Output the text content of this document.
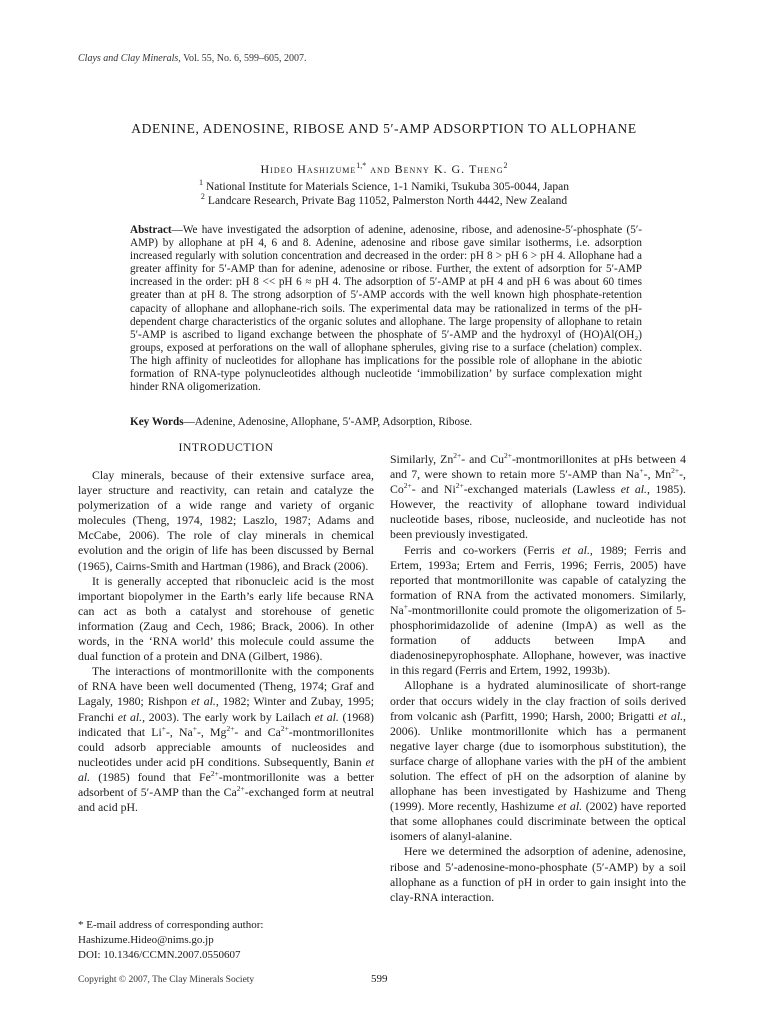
Clays and Clay Minerals, Vol. 55, No. 6, 599–605, 2007.
ADENINE, ADENOSINE, RIBOSE AND 5′-AMP ADSORPTION TO ALLOPHANE
Hideo Hashizume$^{1,*}$ and Benny K. G. Theng$^2$
$^1$ National Institute for Materials Science, 1-1 Namiki, Tsukuba 305-0044, Japan
$^2$ Landcare Research, Private Bag 11052, Palmerston North 4442, New Zealand
Abstract—We have investigated the adsorption of adenine, adenosine, ribose, and adenosine-5′-phosphate (5′-AMP) by allophane at pH 4, 6 and 8. Adenine, adenosine and ribose gave similar isotherms, i.e. adsorption increased regularly with solution concentration and decreased in the order: pH 8 > pH 6 > pH 4. Allophane had a greater affinity for 5′-AMP than for adenine, adenosine or ribose. Further, the extent of adsorption for 5′-AMP increased in the order: pH 8 << pH 6 ≈ pH 4. The adsorption of 5′-AMP at pH 4 and pH 6 was about 60 times greater than at pH 8. The strong adsorption of 5′-AMP accords with the well known high phosphate-retention capacity of allophane and allophane-rich soils. The experimental data may be rationalized in terms of the pH-dependent charge characteristics of the organic solutes and allophane. The large propensity of allophane to retain 5′-AMP is ascribed to ligand exchange between the phosphate of 5′-AMP and the hydroxyl of (HO)Al(OH₂) groups, exposed at perforations on the wall of allophane spherules, giving rise to a surface (chelation) complex. The high affinity of nucleotides for allophane has implications for the possible role of allophane in the abiotic formation of RNA-type polynucleotides although nucleotide ‘immobilization’ by surface complexation might hinder RNA oligomerization.
Key Words—Adenine, Adenosine, Allophane, 5′-AMP, Adsorption, Ribose.
INTRODUCTION

Clay minerals, because of their extensive surface area, layer structure and reactivity, can retain and catalyze the polymerization of a wide range and variety of organic molecules (Theng, 1974, 1982; Laszlo, 1987; Adams and McCabe, 2006). The role of clay minerals in chemical evolution and the origin of life has been discussed by Bernal (1965), Cairns-Smith and Hartman (1986), and Brack (2006).

It is generally accepted that ribonucleic acid is the most important biopolymer in the Earth’s early life because RNA can act as both a catalyst and storehouse of genetic information (Zaug and Cech, 1986; Brack, 2006). In other words, in the ‘RNA world’ this molecule could assume the dual function of a protein and DNA (Gilbert, 1986).

The interactions of montmorillonite with the components of RNA have been well documented (Theng, 1974; Graf and Lagaly, 1980; Rishpon et al., 1982; Winter and Zubay, 1995; Franchi et al., 2003). The early work by Lailach et al. (1968) indicated that Li+-, Na+-, $Mg^{2+}-$ and $Ca^{2+}$-montmorillonites could adsorb appreciable amounts of nucleosides and nucleotides under acid pH conditions. Subsequently, Banin et al. (1985) found that $Fe^{2+}$-montmorillonite was a better adsorbent of 5′-AMP than the $Ca^{2+}$-exchanged form at neutral and acid pH.

Similarly, $Zn^{2+}-$ and $Cu^{2+}$-montmorillonites at pHs between 4 and 7, were shown to retain more 5′-AMP than Na+-, $Mn^{2+}-$, $Co^{2+}-$ and $Ni^{2+}$-exchanged materials (Lawless et al., 1985). However, the reactivity of allophane toward individual nucleotide bases, ribose, nucleoside, and nucleotide has not been previously investigated.

Ferris and co-workers (Ferris et al., 1989; Ferris and Ertem, 1993a; Ertem and Ferris, 1996; Ferris, 2005) have reported that montmorillonite was capable of catalyzing the formation of RNA from the activated monomers. Similarly, Na+-montmorillonite could promote the oligomerization of 5-phosphorimidazolide of adenine (ImpA) as well as the formation of adducts between ImpA and diadenosinepyrophosphate. Allophane, however, was inactive in this regard (Ferris and Ertem, 1992, 1993b).

Allophane is a hydrated aluminosilicate of short-range order that occurs widely in the clay fraction of soils derived from volcanic ash (Parfitt, 1990; Harsh, 2000; Brigatti et al., 2006). Unlike montmorillonite which has a permanent negative layer charge (due to isomorphous substitution), the surface charge of allophane varies with the pH of the ambient solution. The effect of pH on the adsorption of alanine by allophane has been investigated by Hashizume and Theng (1999). More recently, Hashizume et al. (2002) have reported that some allophanes could discriminate between the optical isomers of alanyl-alanine.

Here we determined the adsorption of adenine, adenosine, ribose and 5′-adenosine-mono-phosphate (5′-AMP) by a soil allophane as a function of pH in order to gain insight into the clay-RNA interaction.

* E-mail address of corresponding author:
Hashizume.Hideo@nims.go.jp
DOI: 10.1346/CCMN.2007.0550607
Copyright © 2007, The Clay Minerals Society	599
